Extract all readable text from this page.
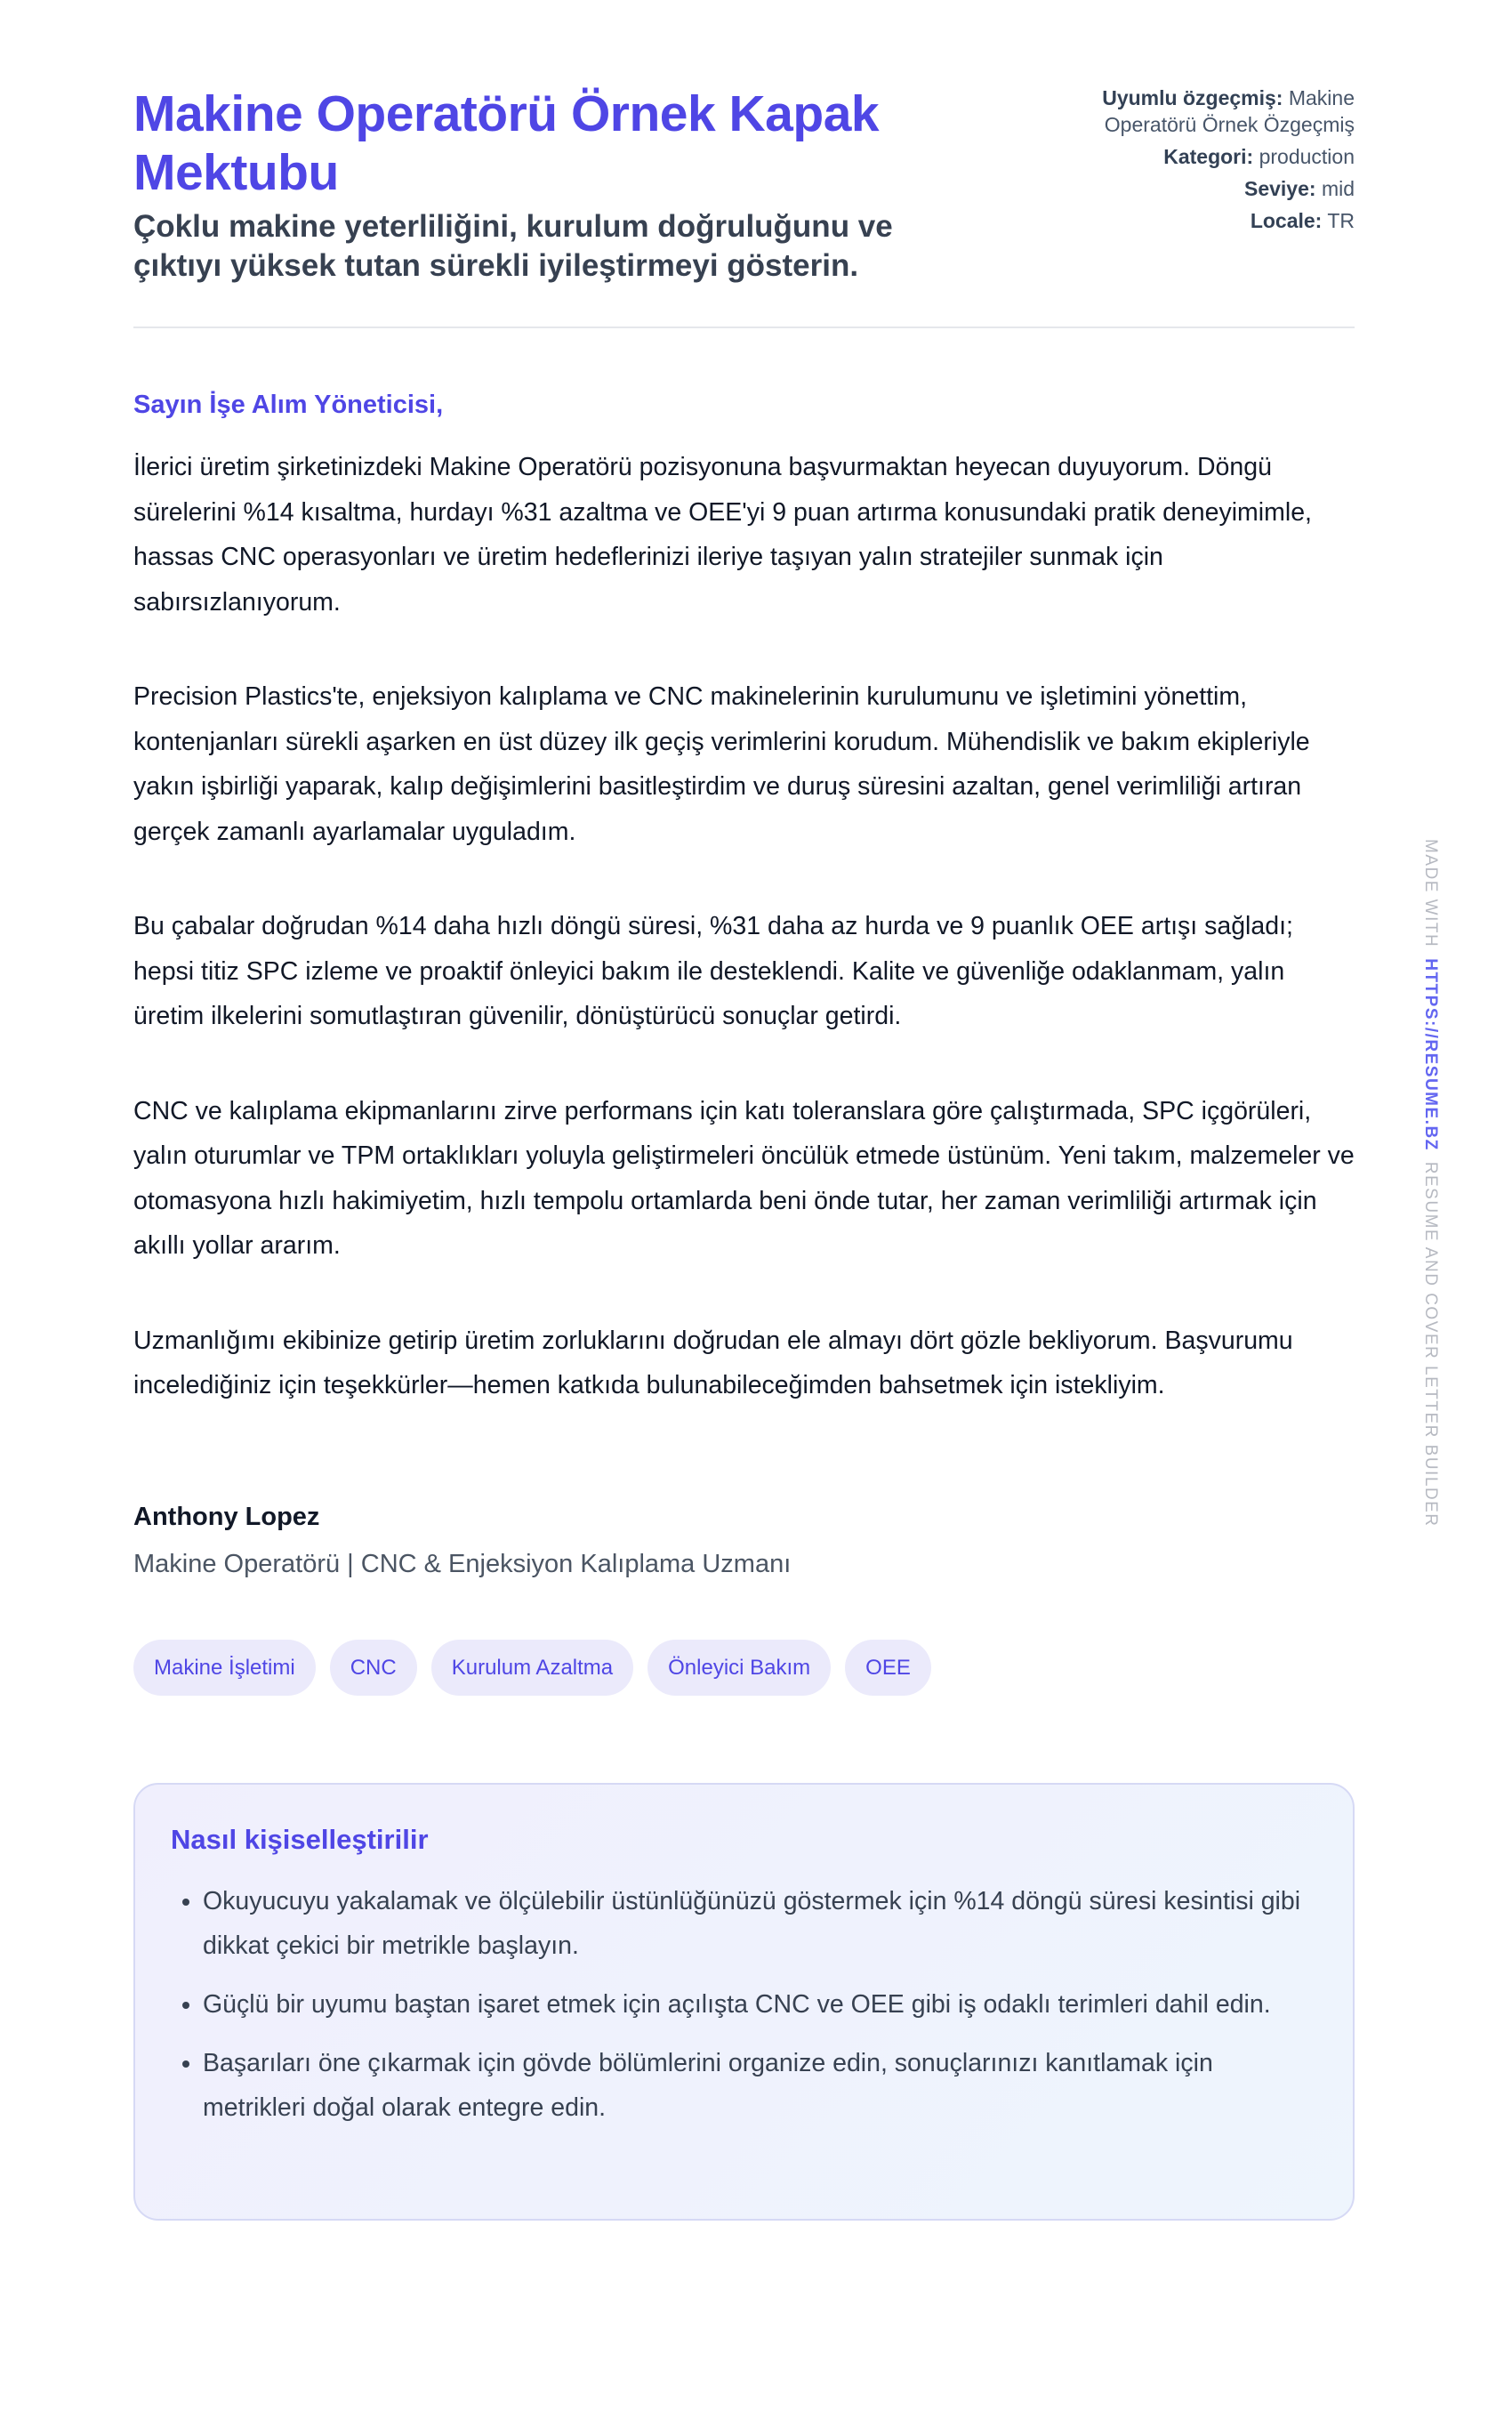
Makine Operatörü Örnek Kapak Mektubu
Çoklu makine yeterliliğini, kurulum doğruluğunu ve çıktıyı yüksek tutan sürekli iyileştirmeyi gösterin.
Uyumlu özgeçmiş: Makine Operatörü Örnek Özgeçmiş
Kategori: production
Seviye: mid
Locale: TR
Sayın İşe Alım Yöneticisi,

İlerici üretim şirketinizdeki Makine Operatörü pozisyonuna başvurmaktan heyecan duyuyorum. Döngü sürelerini %14 kısaltma, hurdayı %31 azaltma ve OEE'yi 9 puan artırma konusundaki pratik deneyimimle, hassas CNC operasyonları ve üretim hedeflerinizi ileriye taşıyan yalın stratejiler sunmak için sabırsızlanıyorum.

Precision Plastics'te, enjeksiyon kalıplama ve CNC makinelerinin kurulumunu ve işletimini yönettim, kontenjanları sürekli aşarken en üst düzey ilk geçiş verimlerini korudum. Mühendislik ve bakım ekipleriyle yakın işbirliği yaparak, kalıp değişimlerini basitleştirdim ve duruş süresini azaltan, genel verimliliği artıran gerçek zamanlı ayarlamalar uyguladım.

Bu çabalar doğrudan %14 daha hızlı döngü süresi, %31 daha az hurda ve 9 puanlık OEE artışı sağladı; hepsi titiz SPC izleme ve proaktif önleyici bakım ile desteklendi. Kalite ve güvenliğe odaklanmam, yalın üretim ilkelerini somutlaştıran güvenilir, dönüştürücü sonuçlar getirdi.

CNC ve kalıplama ekipmanlarını zirve performans için katı toleranslara göre çalıştırmada, SPC içgörüleri, yalın oturumlar ve TPM ortaklıkları yoluyla geliştirmeleri öncülük etmede üstünüm. Yeni takım, malzemeler ve otomasyona hızlı hakimiyetim, hızlı tempolu ortamlarda beni önde tutar, her zaman verimliliği artırmak için akıllı yollar ararım.

Uzmanlığımı ekibinize getirip üretim zorluklarını doğrudan ele almayı dört gözle bekliyorum. Başvurumu incelediğiniz için teşekkürler—hemen katkıda bulunabileceğimden bahsetmek için istekliyim.

Anthony Lopez
Makine Operatörü | CNC & Enjeksiyon Kalıplama Uzmanı
Makine İşletimi	CNC	Kurulum Azaltma	Önleyici Bakım	OEE
Nasıl kişiselleştirilir
• Okuyucuyu yakalamak ve ölçülebilir üstünlüğünüzü göstermek için %14 döngü süresi kesintisi gibi dikkat çekici bir metrikle başlayın.
• Güçlü bir uyumu baştan işaret etmek için açılışta CNC ve OEE gibi iş odaklı terimleri dahil edin.
• Başarıları öne çıkarmak için gövde bölümlerini organize edin, sonuçlarınızı kanıtlamak için metrikleri doğal olarak entegre edin.
MADE WITHHTTPS://RESUME.BZRESUME AND COVER LETTER BUILDER
